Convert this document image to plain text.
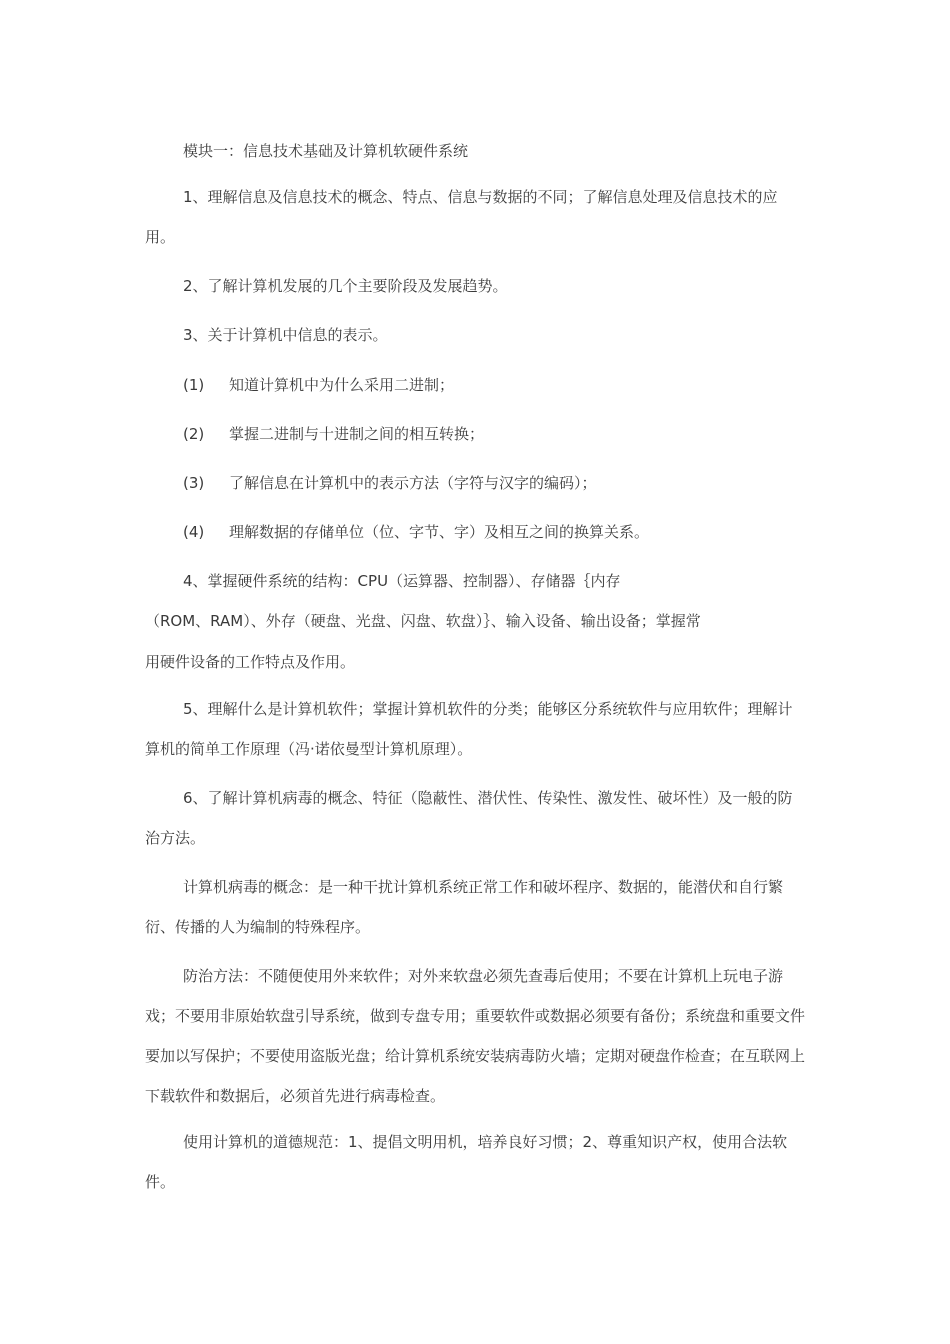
模块一：信息技术基础及计算机软硬件系统

1、理解信息及信息技术的概念、特点、信息与数据的不同；了解信息处理及信息技术的应用。

2、了解计算机发展的几个主要阶段及发展趋势。

3、关于计算机中信息的表示。

(1) 知道计算机中为什么采用二进制；

(2) 掌握二进制与十进制之间的相互转换；

(3) 了解信息在计算机中的表示方法（字符与汉字的编码）；

(4) 理解数据的存储单位（位、字节、字）及相互之间的换算关系。

4、掌握硬件系统的结构：CPU（运算器、控制器）、存储器｛内存

（ROM、RAM）、外存（硬盘、光盘、闪盘、软盘）｝、输入设备、输出设备；掌握常

用硬件设备的工作特点及作用。

5、理解什么是计算机软件；掌握计算机软件的分类；能够区分系统软件与应用软件；理解计算机的简单工作原理（冯·诺依曼型计算机原理）。

6、了解计算机病毒的概念、特征（隐蔽性、潜伏性、传染性、激发性、破坏性）及一般的防治方法。

计算机病毒的概念：是一种干扰计算机系统正常工作和破坏程序、数据的，能潜伏和自行繁衍、传播的人为编制的特殊程序。

防治方法：不随便使用外来软件；对外来软盘必须先查毒后使用；不要在计算机上玩电子游戏；不要用非原始软盘引导系统，做到专盘专用；重要软件或数据必须要有备份；系统盘和重要文件要加以写保护；不要使用盗版光盘；给计算机系统安装病毒防火墙；定期对硬盘作检查；在互联网上下载软件和数据后，必须首先进行病毒检查。

使用计算机的道德规范：1、提倡文明用机，培养良好习惯；2、尊重知识产权，使用合法软件。
